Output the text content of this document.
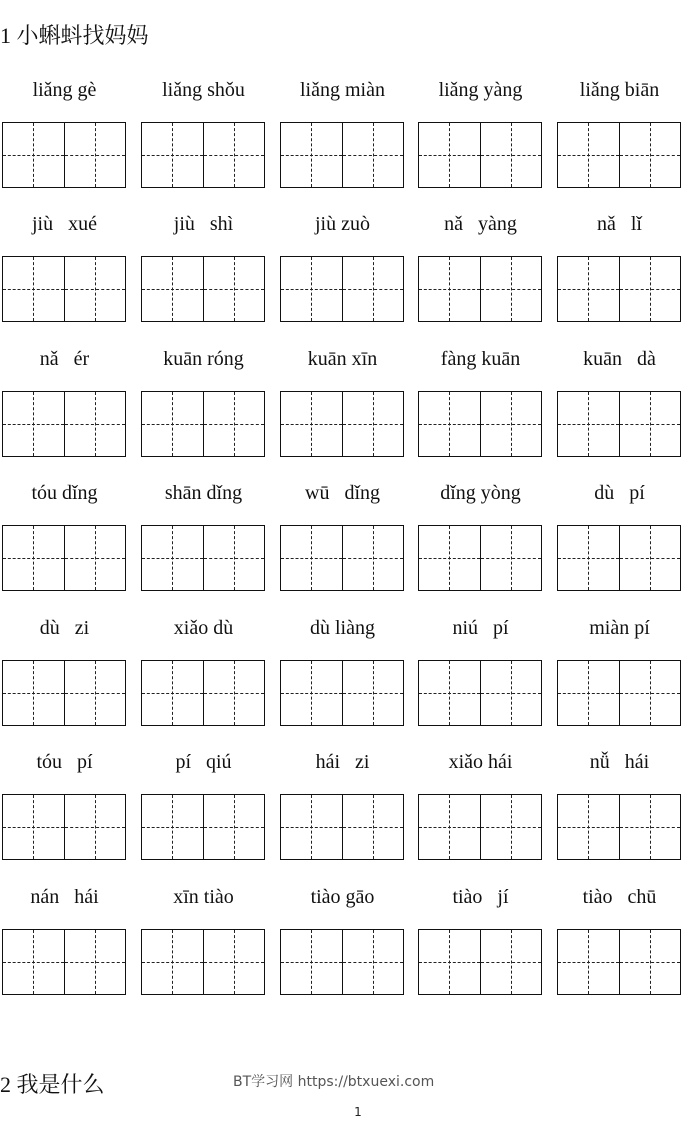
1 小蝌蚪找妈妈
liǎng gè	liǎng shǒu	liǎng miàn	liǎng yàng	liǎng biān
jiù   xué	jiù   shì	jiù zuò	nǎ   yàng	nǎ   lǐ
nǎ   ér	kuān róng	kuān xīn	fàng kuān	kuān   dà
tóu dǐng	shān dǐng	wū   dǐng	dǐng yòng	dù   pí
dù   zi	xiǎo dù	dù liàng	niú   pí	miàn pí
tóu   pí	pí   qiú	hái   zi	xiǎo hái	nǚ   hái
nán   hái	xīn tiào	tiào gāo	tiào   jí	tiào   chū
2 我是什么	BT学习网 https://btxuexi.com
1
